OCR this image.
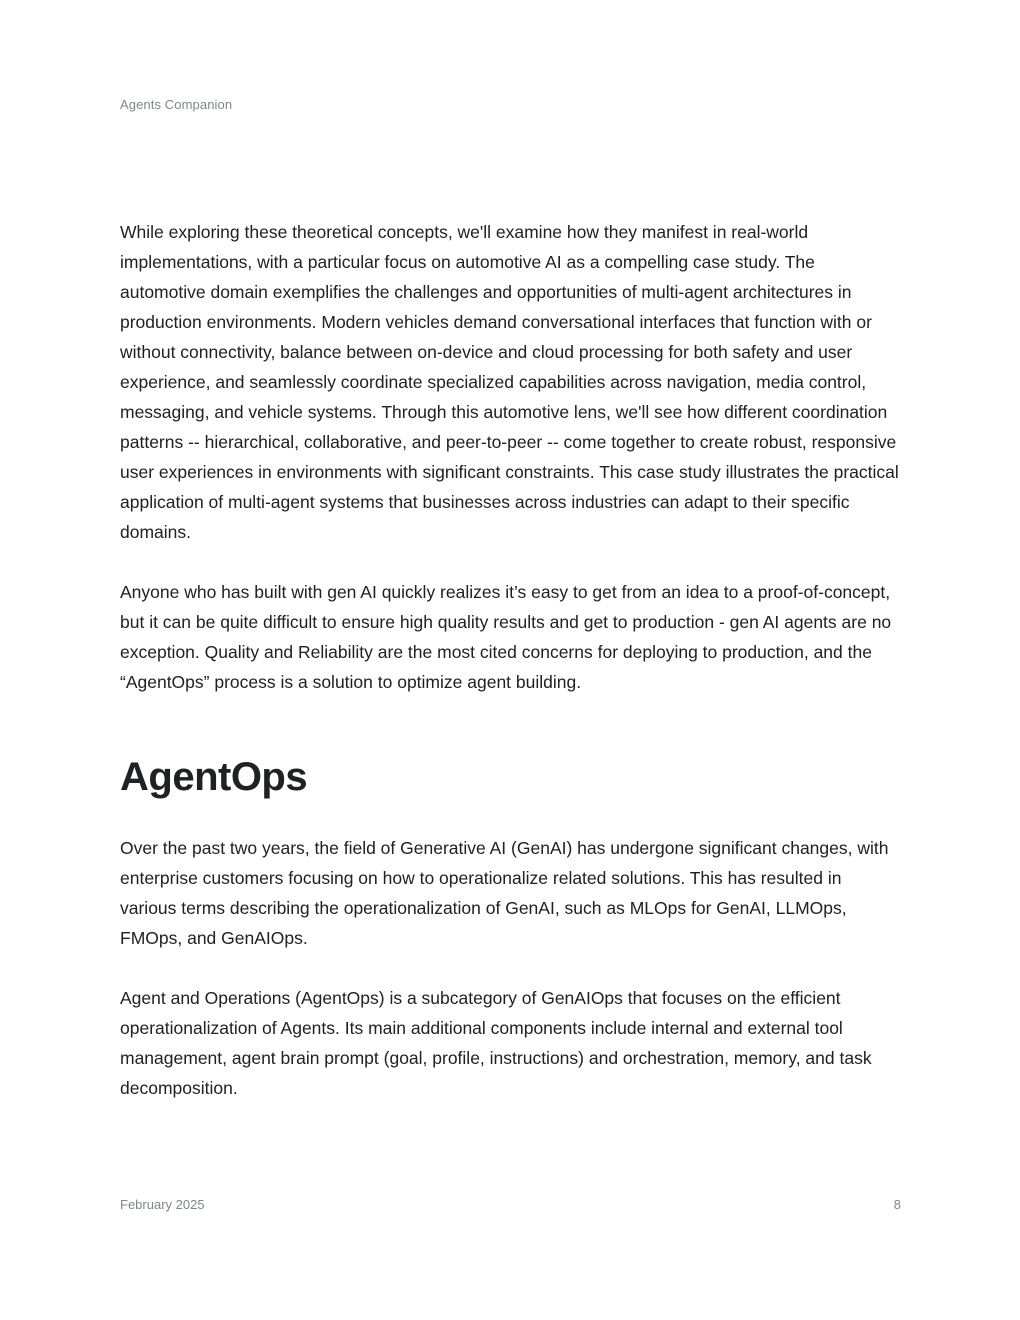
Agents Companion

While exploring these theoretical concepts, we'll examine how they manifest in real-world implementations, with a particular focus on automotive AI as a compelling case study. The automotive domain exemplifies the challenges and opportunities of multi-agent architectures in production environments. Modern vehicles demand conversational interfaces that function with or without connectivity, balance between on-device and cloud processing for both safety and user experience, and seamlessly coordinate specialized capabilities across navigation, media control, messaging, and vehicle systems. Through this automotive lens, we'll see how different coordination patterns -- hierarchical, collaborative, and peer-to-peer -- come together to create robust, responsive user experiences in environments with significant constraints. This case study illustrates the practical application of multi-agent systems that businesses across industries can adapt to their specific domains.

Anyone who has built with gen AI quickly realizes it’s easy to get from an idea to a proof-of-concept, but it can be quite difficult to ensure high quality results and get to production - gen AI agents are no exception. Quality and Reliability are the most cited concerns for deploying to production, and the “AgentOps” process is a solution to optimize agent building.

AgentOps

Over the past two years, the field of Generative AI (GenAI) has undergone significant changes, with enterprise customers focusing on how to operationalize related solutions. This has resulted in various terms describing the operationalization of GenAI, such as MLOps for GenAI, LLMOps, FMOps, and GenAIOps.

Agent and Operations (AgentOps) is a subcategory of GenAIOps that focuses on the efficient operationalization of Agents. Its main additional components include internal and external tool management, agent brain prompt (goal, profile, instructions) and orchestration, memory, and task decomposition.

February 2025	8
